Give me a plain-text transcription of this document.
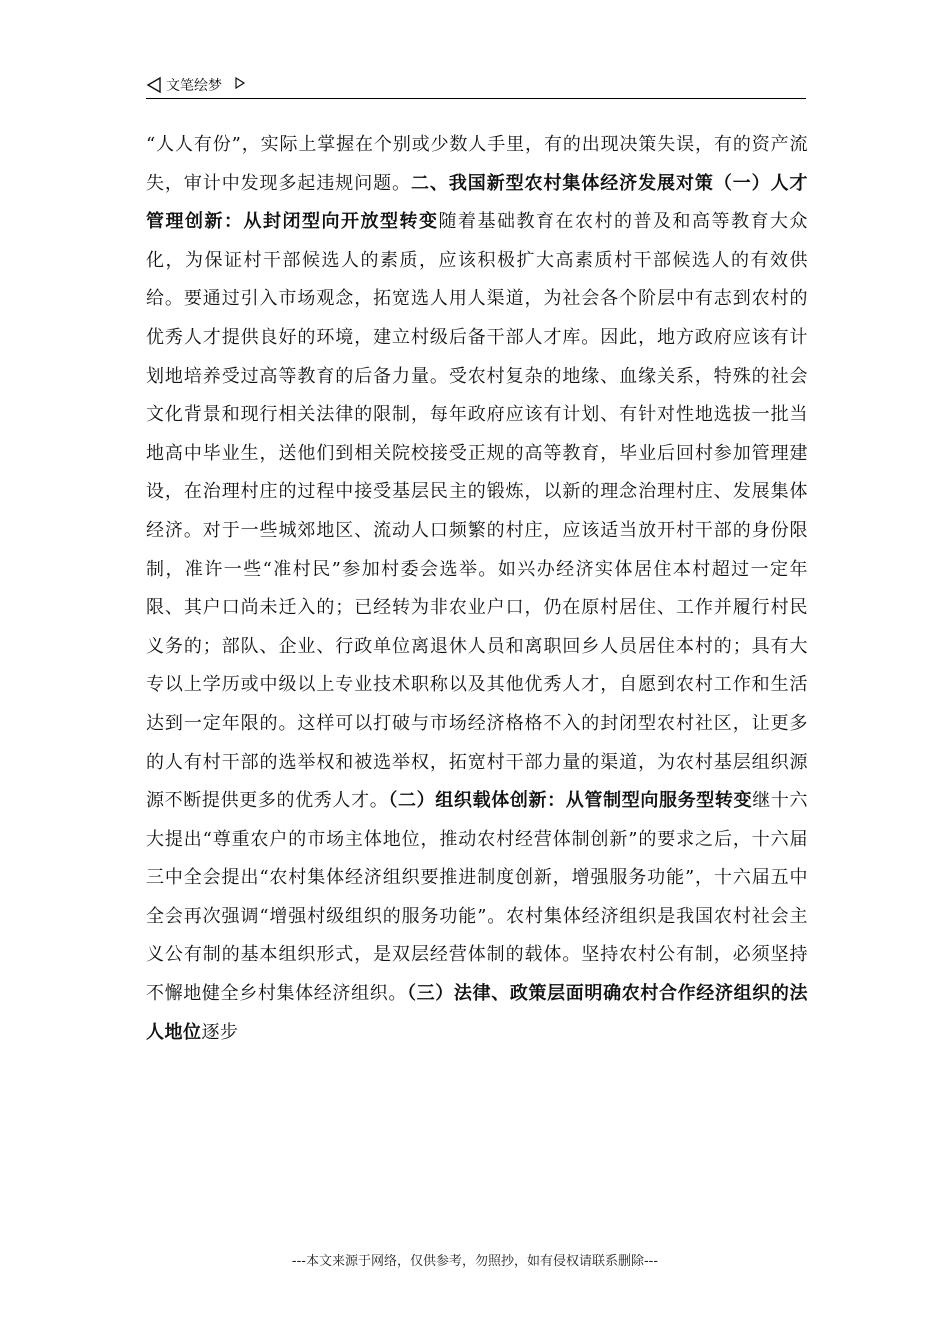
文笔绘梦

“人人有份”，实际上掌握在个别或少数人手里，有的出现决策失误，有的资产流失，审计中发现多起违规问题。二、我国新型农村集体经济发展对策（一）人才管理创新：从封闭型向开放型转变随着基础教育在农村的普及和高等教育大众化，为保证村干部候选人的素质，应该积极扩大高素质村干部候选人的有效供给。要通过引入市场观念，拓宽选人用人渠道，为社会各个阶层中有志到农村的优秀人才提供良好的环境，建立村级后备干部人才库。因此，地方政府应该有计划地培养受过高等教育的后备力量。受农村复杂的地缘、血缘关系，特殊的社会文化背景和现行相关法律的限制，每年政府应该有计划、有针对性地选拔一批当地高中毕业生，送他们到相关院校接受正规的高等教育，毕业后回村参加管理建设，在治理村庄的过程中接受基层民主的锻炼，以新的理念治理村庄、发展集体经济。对于一些城郊地区、流动人口频繁的村庄，应该适当放开村干部的身份限制，准许一些“准村民”参加村委会选举。如兴办经济实体居住本村超过一定年限、其户口尚未迁入的；已经转为非农业户口，仍在原村居住、工作并履行村民义务的；部队、企业、行政单位离退休人员和离职回乡人员居住本村的；具有大专以上学历或中级以上专业技术职称以及其他优秀人才，自愿到农村工作和生活达到一定年限的。这样可以打破与市场经济格格不入的封闭型农村社区，让更多的人有村干部的选举权和被选举权，拓宽村干部力量的渠道，为农村基层组织源源不断提供更多的优秀人才。（二）组织载体创新：从管制型向服务型转变继十六大提出“尊重农户的市场主体地位，推动农村经营体制创新”的要求之后，十六届三中全会提出“农村集体经济组织要推进制度创新，增强服务功能”，十六届五中全会再次强调“增强村级组织的服务功能”。农村集体经济组织是我国农村社会主义公有制的基本组织形式，是双层经营体制的载体。坚持农村公有制，必须坚持不懈地健全乡村集体经济组织。（三）法律、政策层面明确农村合作经济组织的法人地位逐步

---本文来源于网络，仅供参考，勿照抄，如有侵权请联系删除---
